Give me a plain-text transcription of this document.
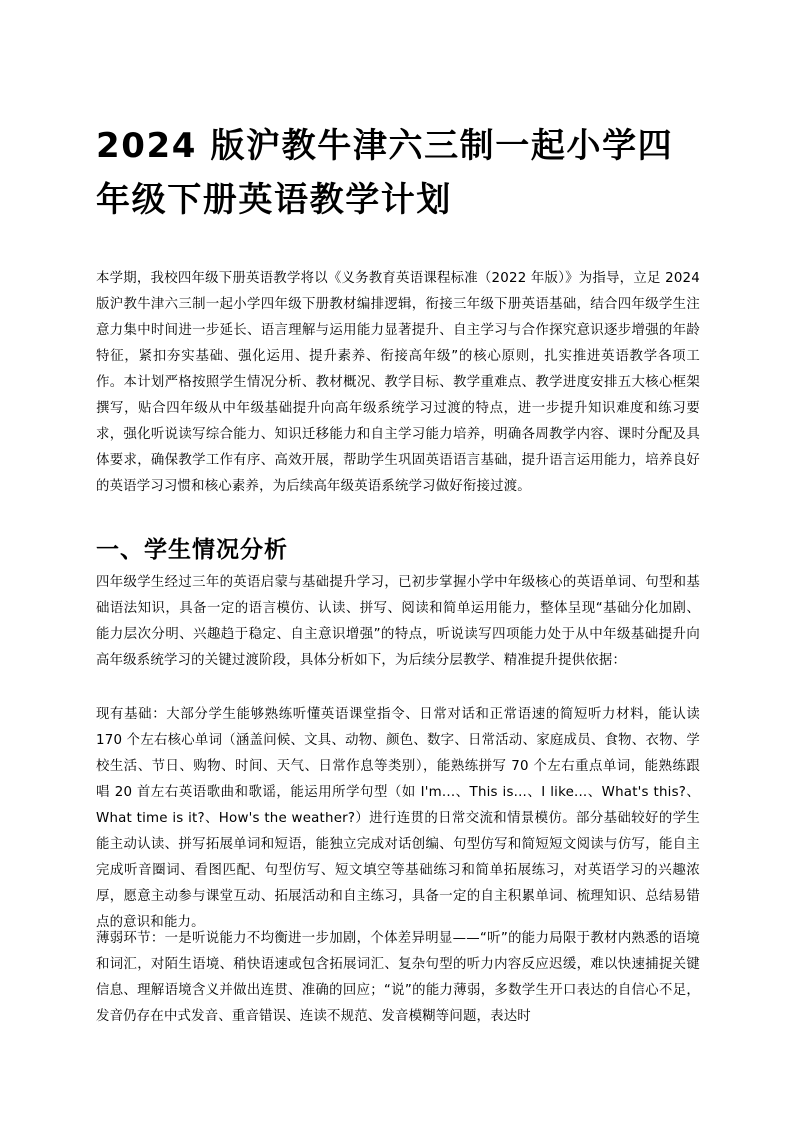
2024 版沪教牛津六三制一起小学四年级下册英语教学计划

本学期，我校四年级下册英语教学将以《义务教育英语课程标准（2022 年版）》为指导，立足 2024 版沪教牛津六三制一起小学四年级下册教材编排逻辑，衔接三年级下册英语基础，结合四年级学生注意力集中时间进一步延长、语言理解与运用能力显著提升、自主学习与合作探究意识逐步增强的年龄特征，紧扣夯实基础、强化运用、提升素养、衔接高年级”的核心原则，扎实推进英语教学各项工作。本计划严格按照学生情况分析、教材概况、教学目标、教学重难点、教学进度安排五大核心框架撰写，贴合四年级从中年级基础提升向高年级系统学习过渡的特点，进一步提升知识难度和练习要求，强化听说读写综合能力、知识迁移能力和自主学习能力培养，明确各周教学内容、课时分配及具体要求，确保教学工作有序、高效开展，帮助学生巩固英语语言基础，提升语言运用能力，培养良好的英语学习习惯和核心素养，为后续高年级英语系统学习做好衔接过渡。

一、学生情况分析

四年级学生经过三年的英语启蒙与基础提升学习，已初步掌握小学中年级核心的英语单词、句型和基础语法知识，具备一定的语言模仿、认读、拼写、阅读和简单运用能力，整体呈现“基础分化加剧、能力层次分明、兴趣趋于稳定、自主意识增强”的特点，听说读写四项能力处于从中年级基础提升向高年级系统学习的关键过渡阶段，具体分析如下，为后续分层教学、精准提升提供依据：

现有基础：大部分学生能够熟练听懂英语课堂指令、日常对话和正常语速的简短听力材料，能认读 170 个左右核心单词（涵盖问候、文具、动物、颜色、数字、日常活动、家庭成员、食物、衣物、学校生活、节日、购物、时间、天气、日常作息等类别），能熟练拼写 70 个左右重点单词，能熟练跟唱 20 首左右英语歌曲和歌谣，能运用所学句型（如 I'm...、This is...、I like...、What's this?、What time is it?、How's the weather?）进行连贯的日常交流和情景模仿。部分基础较好的学生能主动认读、拼写拓展单词和短语，能独立完成对话创编、句型仿写和简短短文阅读与仿写，能自主完成听音圈词、看图匹配、句型仿写、短文填空等基础练习和简单拓展练习，对英语学习的兴趣浓厚，愿意主动参与课堂互动、拓展活动和自主练习，具备一定的自主积累单词、梳理知识、总结易错点的意识和能力。

薄弱环节：一是听说能力不均衡进一步加剧，个体差异明显——“听”的能力局限于教材内熟悉的语境和词汇，对陌生语境、稍快语速或包含拓展词汇、复杂句型的听力内容反应迟缓，难以快速捕捉关键信息、理解语境含义并做出连贯、准确的回应；“说”的能力薄弱，多数学生开口表达的自信心不足，发音仍存在中式发音、重音错误、连读不规范、发音模糊等问题，表达时
